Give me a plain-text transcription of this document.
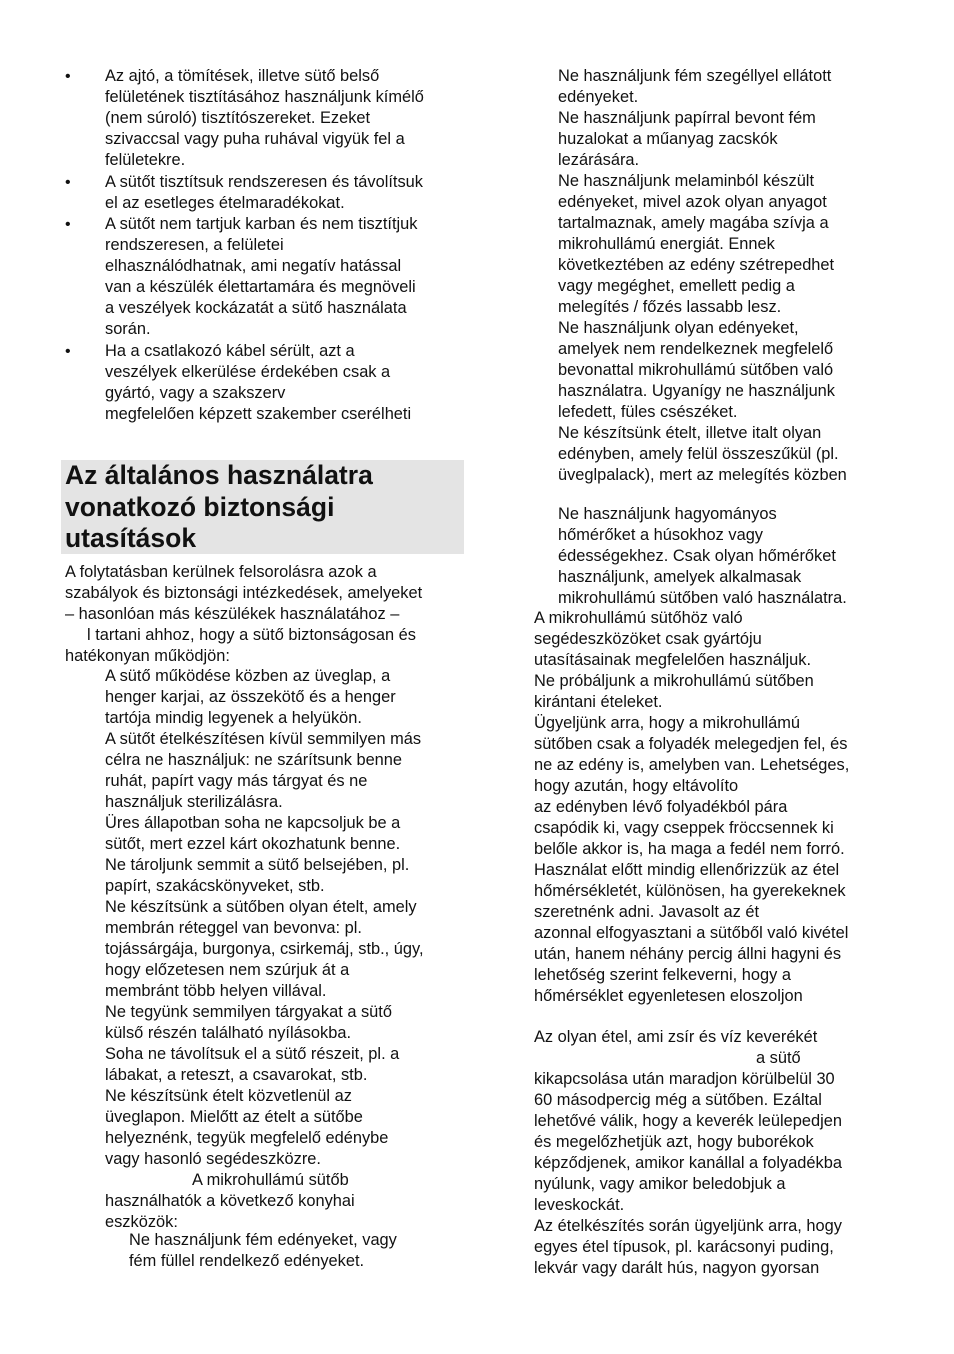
• Az ajtó, a tömítések, illetve sütő belső
felületének tisztításához használjunk kímélő
(nem súroló) tisztítószereket. Ezeket
szivaccsal vagy puha ruhával vigyük fel a
felületekre.
• A sütőt tisztítsuk rendszeresen és távolítsuk
el az esetleges ételmaradékokat.
• A sütőt nem tartjuk karban és nem tisztítjuk
rendszeresen, a felületei
elhasználódhatnak, ami negatív hatással
van a készülék élettartamára és megnöveli
a veszélyek kockázatát a sütő használata
során.
• Ha a csatlakozó kábel sérült, azt a
veszélyek elkerülése érdekében csak a
gyártó, vagy a szakszerv
megfelelően képzett szakember cserélheti
Az általános használatra
vonatkozó biztonsági
utasítások
A folytatásban kerülnek felsorolásra azok a
szabályok és biztonsági intézkedések, amelyeket
– hasonlóan más készülékek használatához –
l tartani ahhoz, hogy a sütő biztonságosan és
hatékonyan működjön:
A sütő működése közben az üveglap, a
henger karjai, az összekötő és a henger
tartója mindig legyenek a helyükön.
A sütőt ételkészítésen kívül semmilyen más
célra ne használjuk: ne szárítsunk benne
ruhát, papírt vagy más tárgyat és ne
használjuk sterilizálásra.
Üres állapotban soha ne kapcsoljuk be a
sütőt, mert ezzel kárt okozhatunk benne.
Ne tároljunk semmit a sütő belsejében, pl.
papírt, szakácskönyveket, stb.
Ne készítsünk a sütőben olyan ételt, amely
membrán réteggel van bevonva: pl.
tojássárgája, burgonya, csirkemáj, stb., úgy,
hogy előzetesen nem szúrjuk át a
membránt több helyen villával.
Ne tegyünk semmilyen tárgyakat a sütő
külső részén található nyílásokba.
Soha ne távolítsuk el a sütő részeit, pl. a
lábakat, a reteszt, a csavarokat, stb.
Ne készítsünk ételt közvetlenül az
üveglapon. Mielőtt az ételt a sütőbe
helyeznénk, tegyük megfelelő edénybe
vagy hasonló segédeszközre.
A mikrohullámú sütőb
használhatók a következő konyhai
eszközök:
Ne használjunk fém edényeket, vagy
fém füllel rendelkező edényeket.
Ne használjunk fém szegéllyel ellátott
edényeket.
Ne használjunk papírral bevont fém
huzalokat a műanyag zacskók
lezárására.
Ne használjunk melaminból készült
edényeket, mivel azok olyan anyagot
tartalmaznak, amely magába szívja a
mikrohullámú energiát. Ennek
következtében az edény szétrepedhet
vagy megéghet, emellett pedig a
melegítés / főzés lassabb lesz.
Ne használjunk olyan edényeket,
amelyek nem rendelkeznek megfelelő
bevonattal mikrohullámú sütőben való
használatra. Ugyanígy ne használjunk
lefedett, füles csészéket.
Ne készítsünk ételt, illetve italt olyan
edényben, amely felül összeszűkül (pl.
üveglpalack), mert az melegítés közben
Ne használjunk hagyományos
hőmérőket a húsokhoz vagy
édességekhez. Csak olyan hőmérőket
használjunk, amelyek alkalmasak
mikrohullámú sütőben való használatra.
A mikrohullámú sütőhöz való
segédeszközöket csak gyártóju
utasításainak megfelelően használjuk.
Ne próbáljunk a mikrohullámú sütőben
kirántani ételeket.
Ügyeljünk arra, hogy a mikrohullámú
sütőben csak a folyadék melegedjen fel, és
ne az edény is, amelyben van. Lehetséges,
hogy azután, hogy eltávolíto
az edényben lévő folyadékból pára
csapódik ki, vagy cseppek fröccsennek ki
belőle akkor is, ha maga a fedél nem forró.
Használat előtt mindig ellenőrizzük az étel
hőmérsékletét, különösen, ha gyerekeknek
szeretnénk adni. Javasolt az ét
azonnal elfogyasztani a sütőből való kivétel
után, hanem néhány percig állni hagyni és
lehetőség szerint felkeverni, hogy a
hőmérséklet egyenletesen eloszoljon
Az olyan étel, ami zsír és víz keverékét
a sütő
kikapcsolása után maradjon körülbelül 30
60 másodpercig még a sütőben. Ezáltal
lehetővé válik, hogy a keverék leülepedjen
és megelőzhetjük azt, hogy buborékok
képződjenek, amikor kanállal a folyadékba
nyúlunk, vagy amikor beledobjuk a
leveskockát.
Az ételkészítés során ügyeljünk arra, hogy
egyes étel típusok, pl. karácsonyi puding,
lekvár vagy darált hús, nagyon gyorsan
